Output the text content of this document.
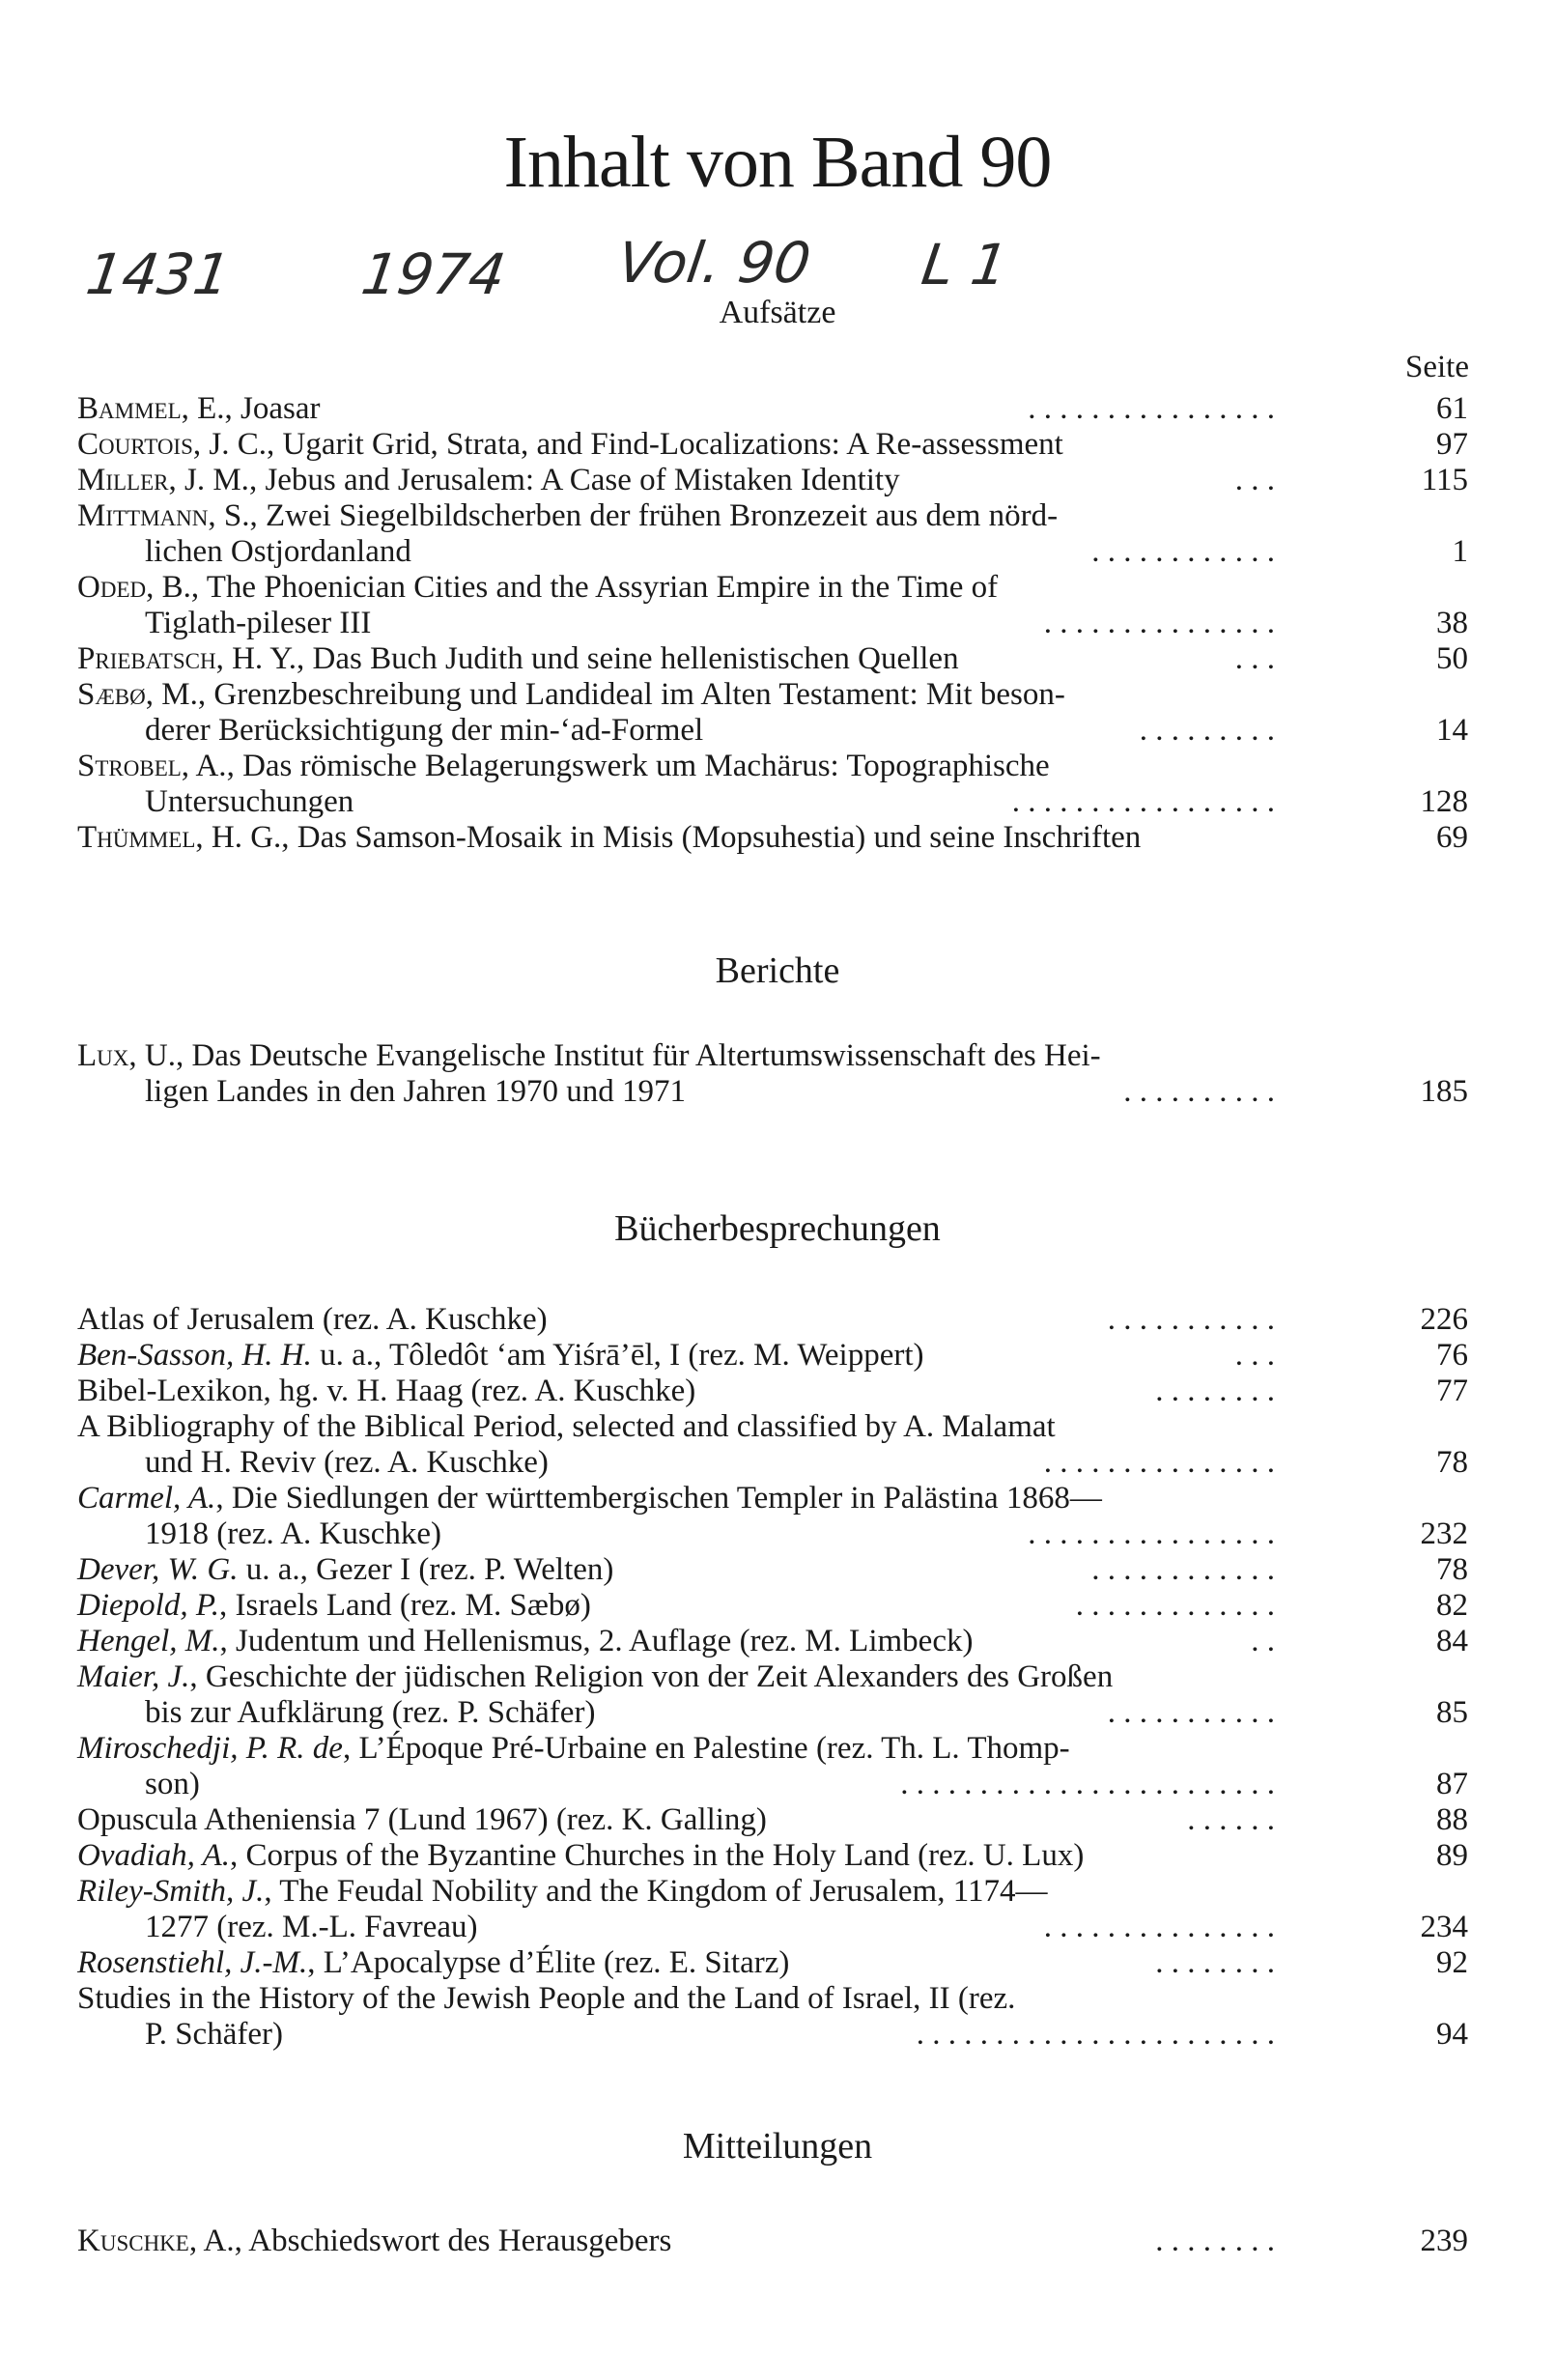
Inhalt von Band 90
1431 1974 Vol. 90 L 1
Aufsätze
Seite
Berichte
Bücherbesprechungen
Mitteilungen
Bammel, E., Joasar	. . . . . . . . . . . . . . . .	61
Courtois, J. C., Ugarit Grid, Strata, and Find-Localizations: A Re-assessment	97
Miller, J. M., Jebus and Jerusalem: A Case of Mistaken Identity	. . .	115
Mittmann, S., Zwei Siegelbildscherben der frühen Bronzezeit aus dem nörd-
lichen Ostjordanland	. . . . . . . . . . . .	1
Oded, B., The Phoenician Cities and the Assyrian Empire in the Time of
Tiglath-pileser III	. . . . . . . . . . . . . . .	38
Priebatsch, H. Y., Das Buch Judith und seine hellenistischen Quellen	. . .	50
Sæbø, M., Grenzbeschreibung und Landideal im Alten Testament: Mit beson-
derer Berücksichtigung der min-‘ad-Formel	. . . . . . . . .	14
Strobel, A., Das römische Belagerungswerk um Machärus: Topographische
Untersuchungen	. . . . . . . . . . . . . . . . .	128
Thümmel, H. G., Das Samson-Mosaik in Misis (Mopsuhestia) und seine Inschriften	69
Lux, U., Das Deutsche Evangelische Institut für Altertumswissenschaft des Hei-
ligen Landes in den Jahren 1970 und 1971	. . . . . . . . . .	185
Atlas of Jerusalem (rez. A. Kuschke)	. . . . . . . . . . .	226
Ben-Sasson, H. H. u. a., Tôledôt ‘am Yiśrā’ēl, I (rez. M. Weippert)	. . .	76
Bibel-Lexikon, hg. v. H. Haag (rez. A. Kuschke)	. . . . . . . .	77
A Bibliography of the Biblical Period, selected and classified by A. Malamat
und H. Reviv (rez. A. Kuschke)	. . . . . . . . . . . . . . .	78
Carmel, A., Die Siedlungen der württembergischen Templer in Palästina 1868—
1918 (rez. A. Kuschke)	. . . . . . . . . . . . . . . .	232
Dever, W. G. u. a., Gezer I (rez. P. Welten)	. . . . . . . . . . . .	78
Diepold, P., Israels Land (rez. M. Sæbø)	. . . . . . . . . . . . .	82
Hengel, M., Judentum und Hellenismus, 2. Auflage (rez. M. Limbeck)	. .	84
Maier, J., Geschichte der jüdischen Religion von der Zeit Alexanders des Großen
bis zur Aufklärung (rez. P. Schäfer)	. . . . . . . . . . .	85
Miroschedji, P. R. de, L’Époque Pré-Urbaine en Palestine (rez. Th. L. Thomp-
son)	. . . . . . . . . . . . . . . . . . . . . . . .	87
Opuscula Atheniensia 7 (Lund 1967) (rez. K. Galling)	. . . . . .	88
Ovadiah, A., Corpus of the Byzantine Churches in the Holy Land (rez. U. Lux)	89
Riley-Smith, J., The Feudal Nobility and the Kingdom of Jerusalem, 1174—
1277 (rez. M.-L. Favreau)	. . . . . . . . . . . . . . .	234
Rosenstiehl, J.-M., L’Apocalypse d’Élite (rez. E. Sitarz)	. . . . . . . .	92
Studies in the History of the Jewish People and the Land of Israel, II (rez.
P. Schäfer)	. . . . . . . . . . . . . . . . . . . . . . .	94
Kuschke, A., Abschiedswort des Herausgebers	. . . . . . . .	239
